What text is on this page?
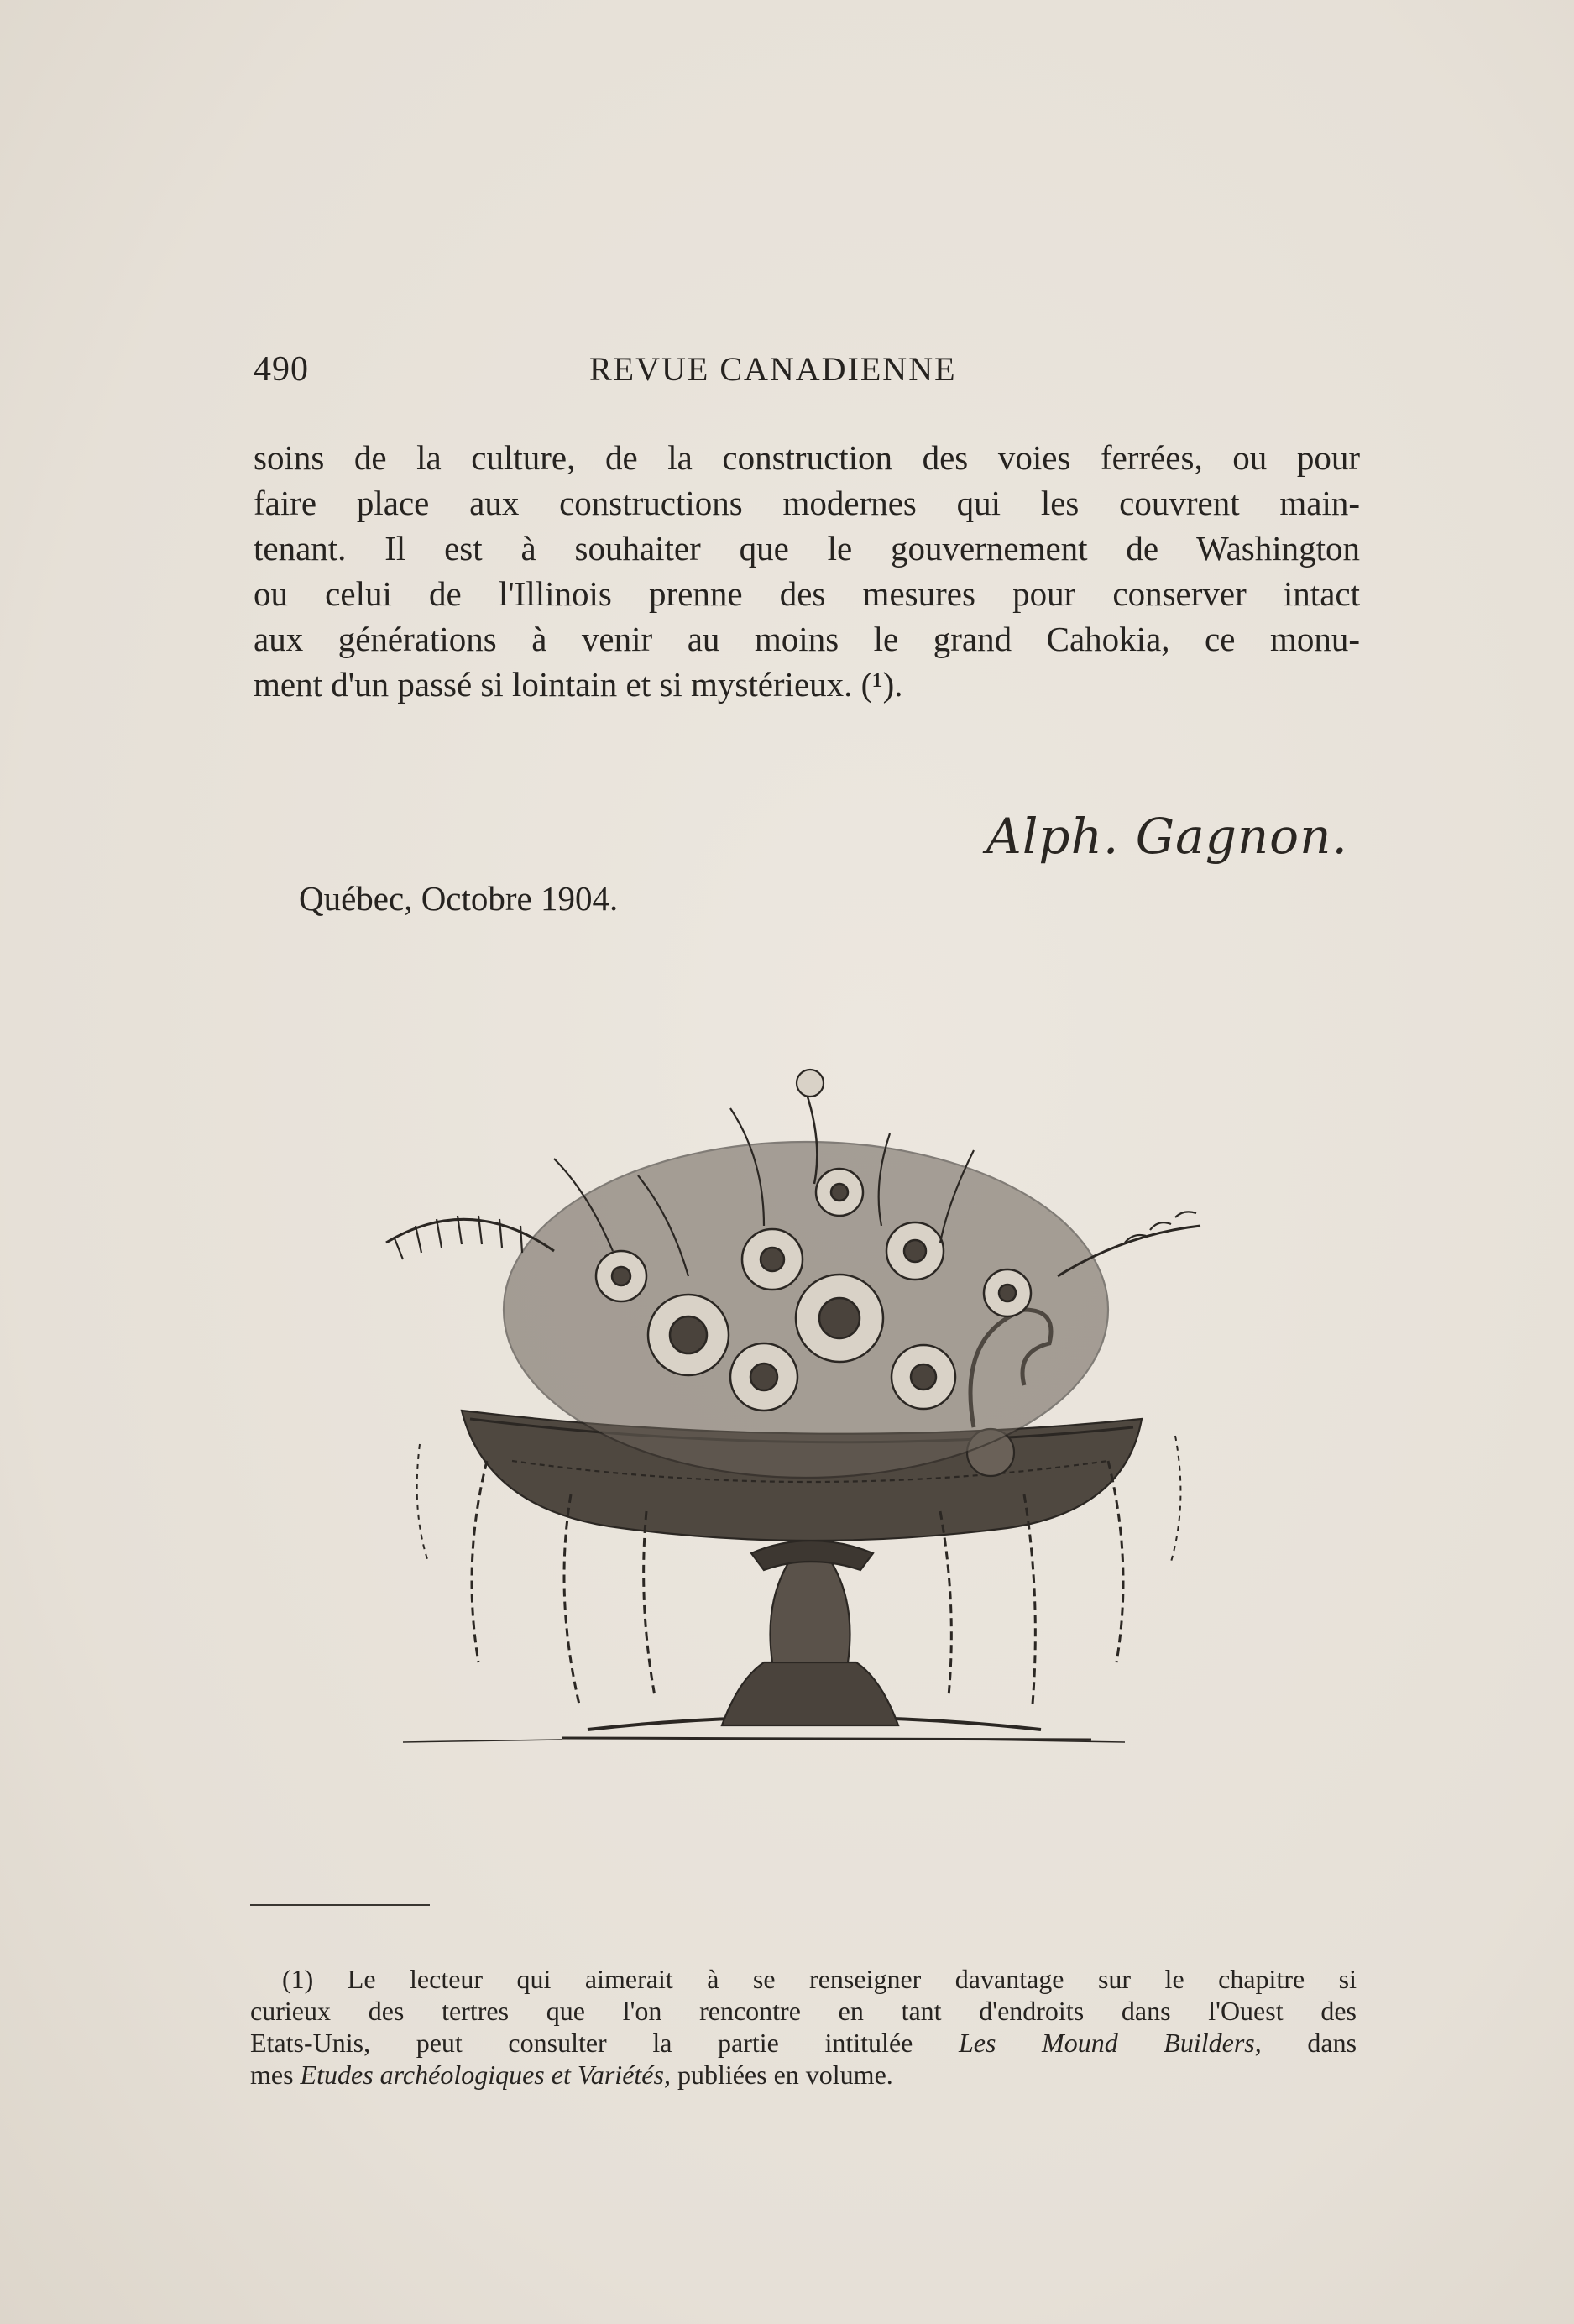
490	REVUE CANADIENNE
soins de la culture, de la construction des voies ferrées, ou pour
faire place aux constructions modernes qui les couvrent main-
tenant. Il est à souhaiter que le gouvernement de Washington
ou celui de l'Illinois prenne des mesures pour conserver intact
aux générations à venir au moins le grand Cahokia, ce monu-
ment d'un passé si lointain et si mystérieux. (¹).
Alph. Gagnon.
Québec, Octobre 1904.
(1) Le lecteur qui aimerait à se renseigner davantage sur le chapitre si
curieux des tertres que l'on rencontre en tant d'endroits dans l'Ouest des
Etats-Unis, peut consulter la partie intitulée Les Mound Builders, dans
mes Etudes archéologiques et Variétés, publiées en volume.
